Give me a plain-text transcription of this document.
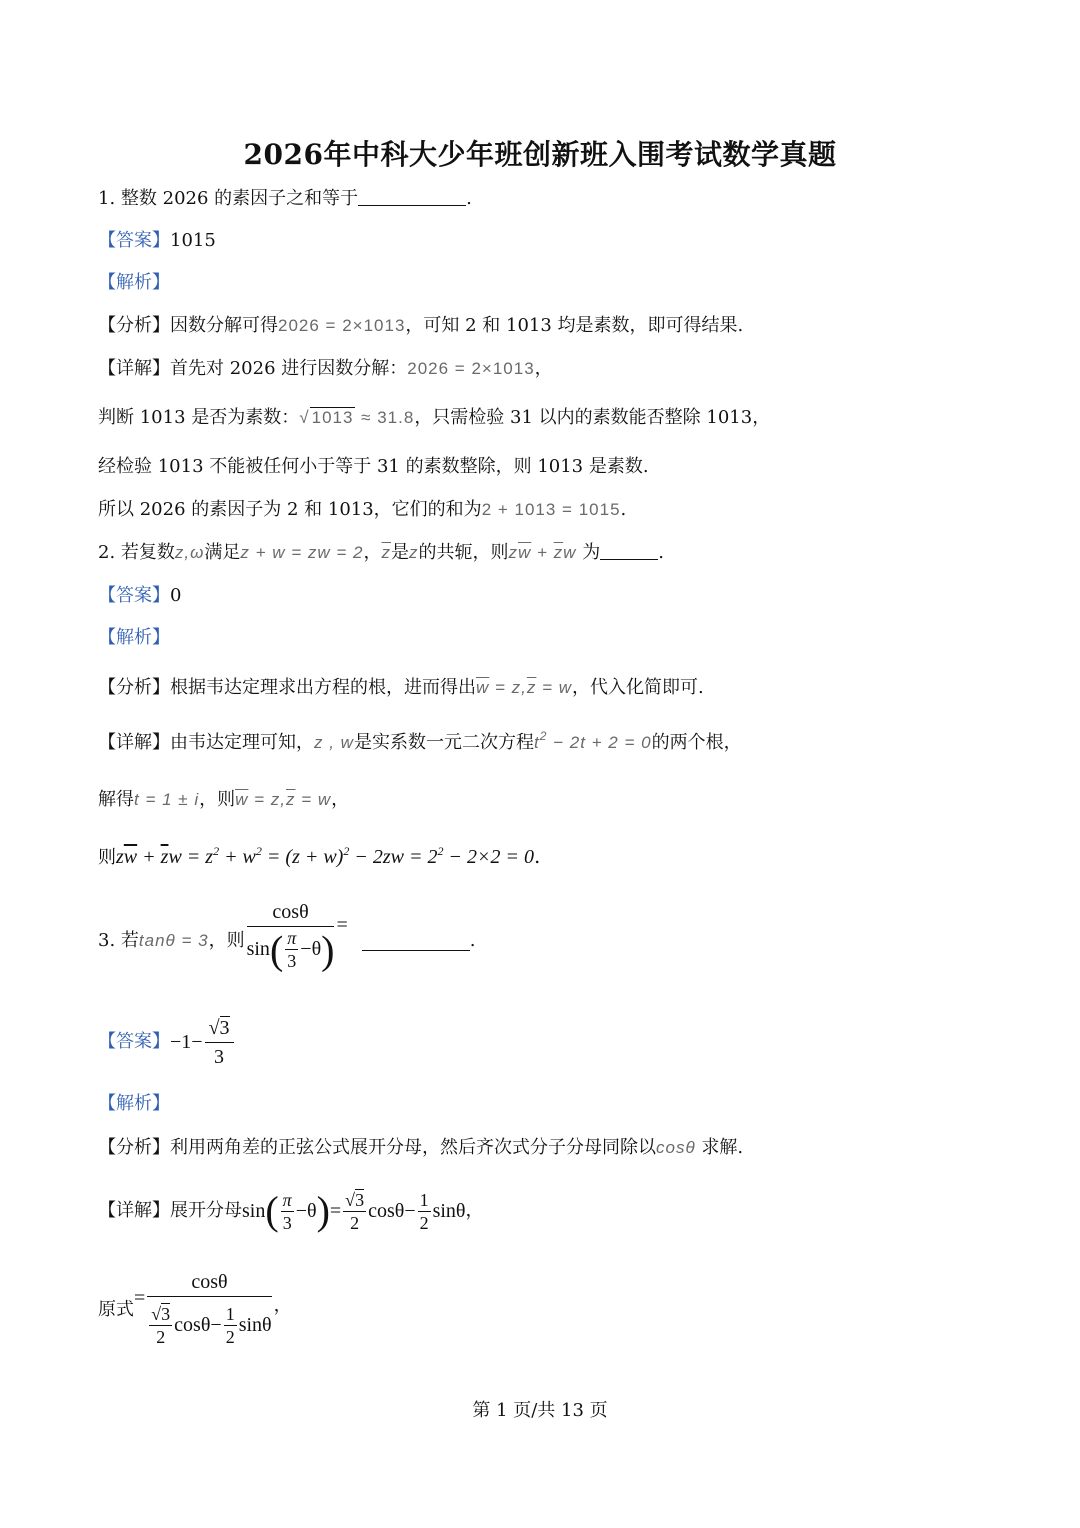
2026年中科大少年班创新班入围考试数学真题
1. 整数 2026 的素因子之和等于	.
【答案】1015
【解析】
【分析】因数分解可得2026 = 2×1013，可知 2 和 1013 均是素数，即可得结果.
【详解】首先对 2026 进行因数分解：2026 = 2×1013，
判断 1013 是否为素数：√ 1013 ≈ 31.8，只需检验 31 以内的素数能否整除 1013，
经检验 1013 不能被任何小于等于 31 的素数整除，则 1013 是素数.
所以 2026 的素因子为 2 和 1013，它们的和为2 + 1013 = 1015.
2. 若复数z,ω满足z + w = zw = 2，$\overline{z}$是z的共轭，则$z\overline{w} + \overline{z}w$ 为	.
【答案】0
【解析】
【分析】根据韦达定理求出方程的根，进而得出$\overline{w} = z,\overline{z} = w$，代入化简即可.
【详解】由韦达定理可知，z , w是实系数一元二次方程$t^2 - 2t + 2 = 0$的两个根，
解得t = 1 ± i，则$\overline{w} = z,\overline{z} = w$，
则$z\overline{w} + \overline{z}w = z^2 + w^2 = (z + w)^2 - 2zw = 2^2 - 2\times 2 = 0$.
3. 若 tanθ = 3 ，则 $\frac{\cos\theta}{\sin( \frac{\pi}{3} -\theta)}$ =
.
【答案】 $-1- \frac{√3}{3}$
【解析】
【分析】利用两角差的正弦公式展开分母，然后齐次式分子分母同除以cosθ 求解.
【详解】 展开分母 sin ( π
3
−θ ) = $\frac{√3}{2}$ $\cos\theta - \frac{1}{2}$ sinθ ，
原式
= $\frac{\cos\theta}{\frac{√3}{2} \cos\theta- \frac{1}{2} \sin\theta}$ ，
第 1 页/共 13 页
